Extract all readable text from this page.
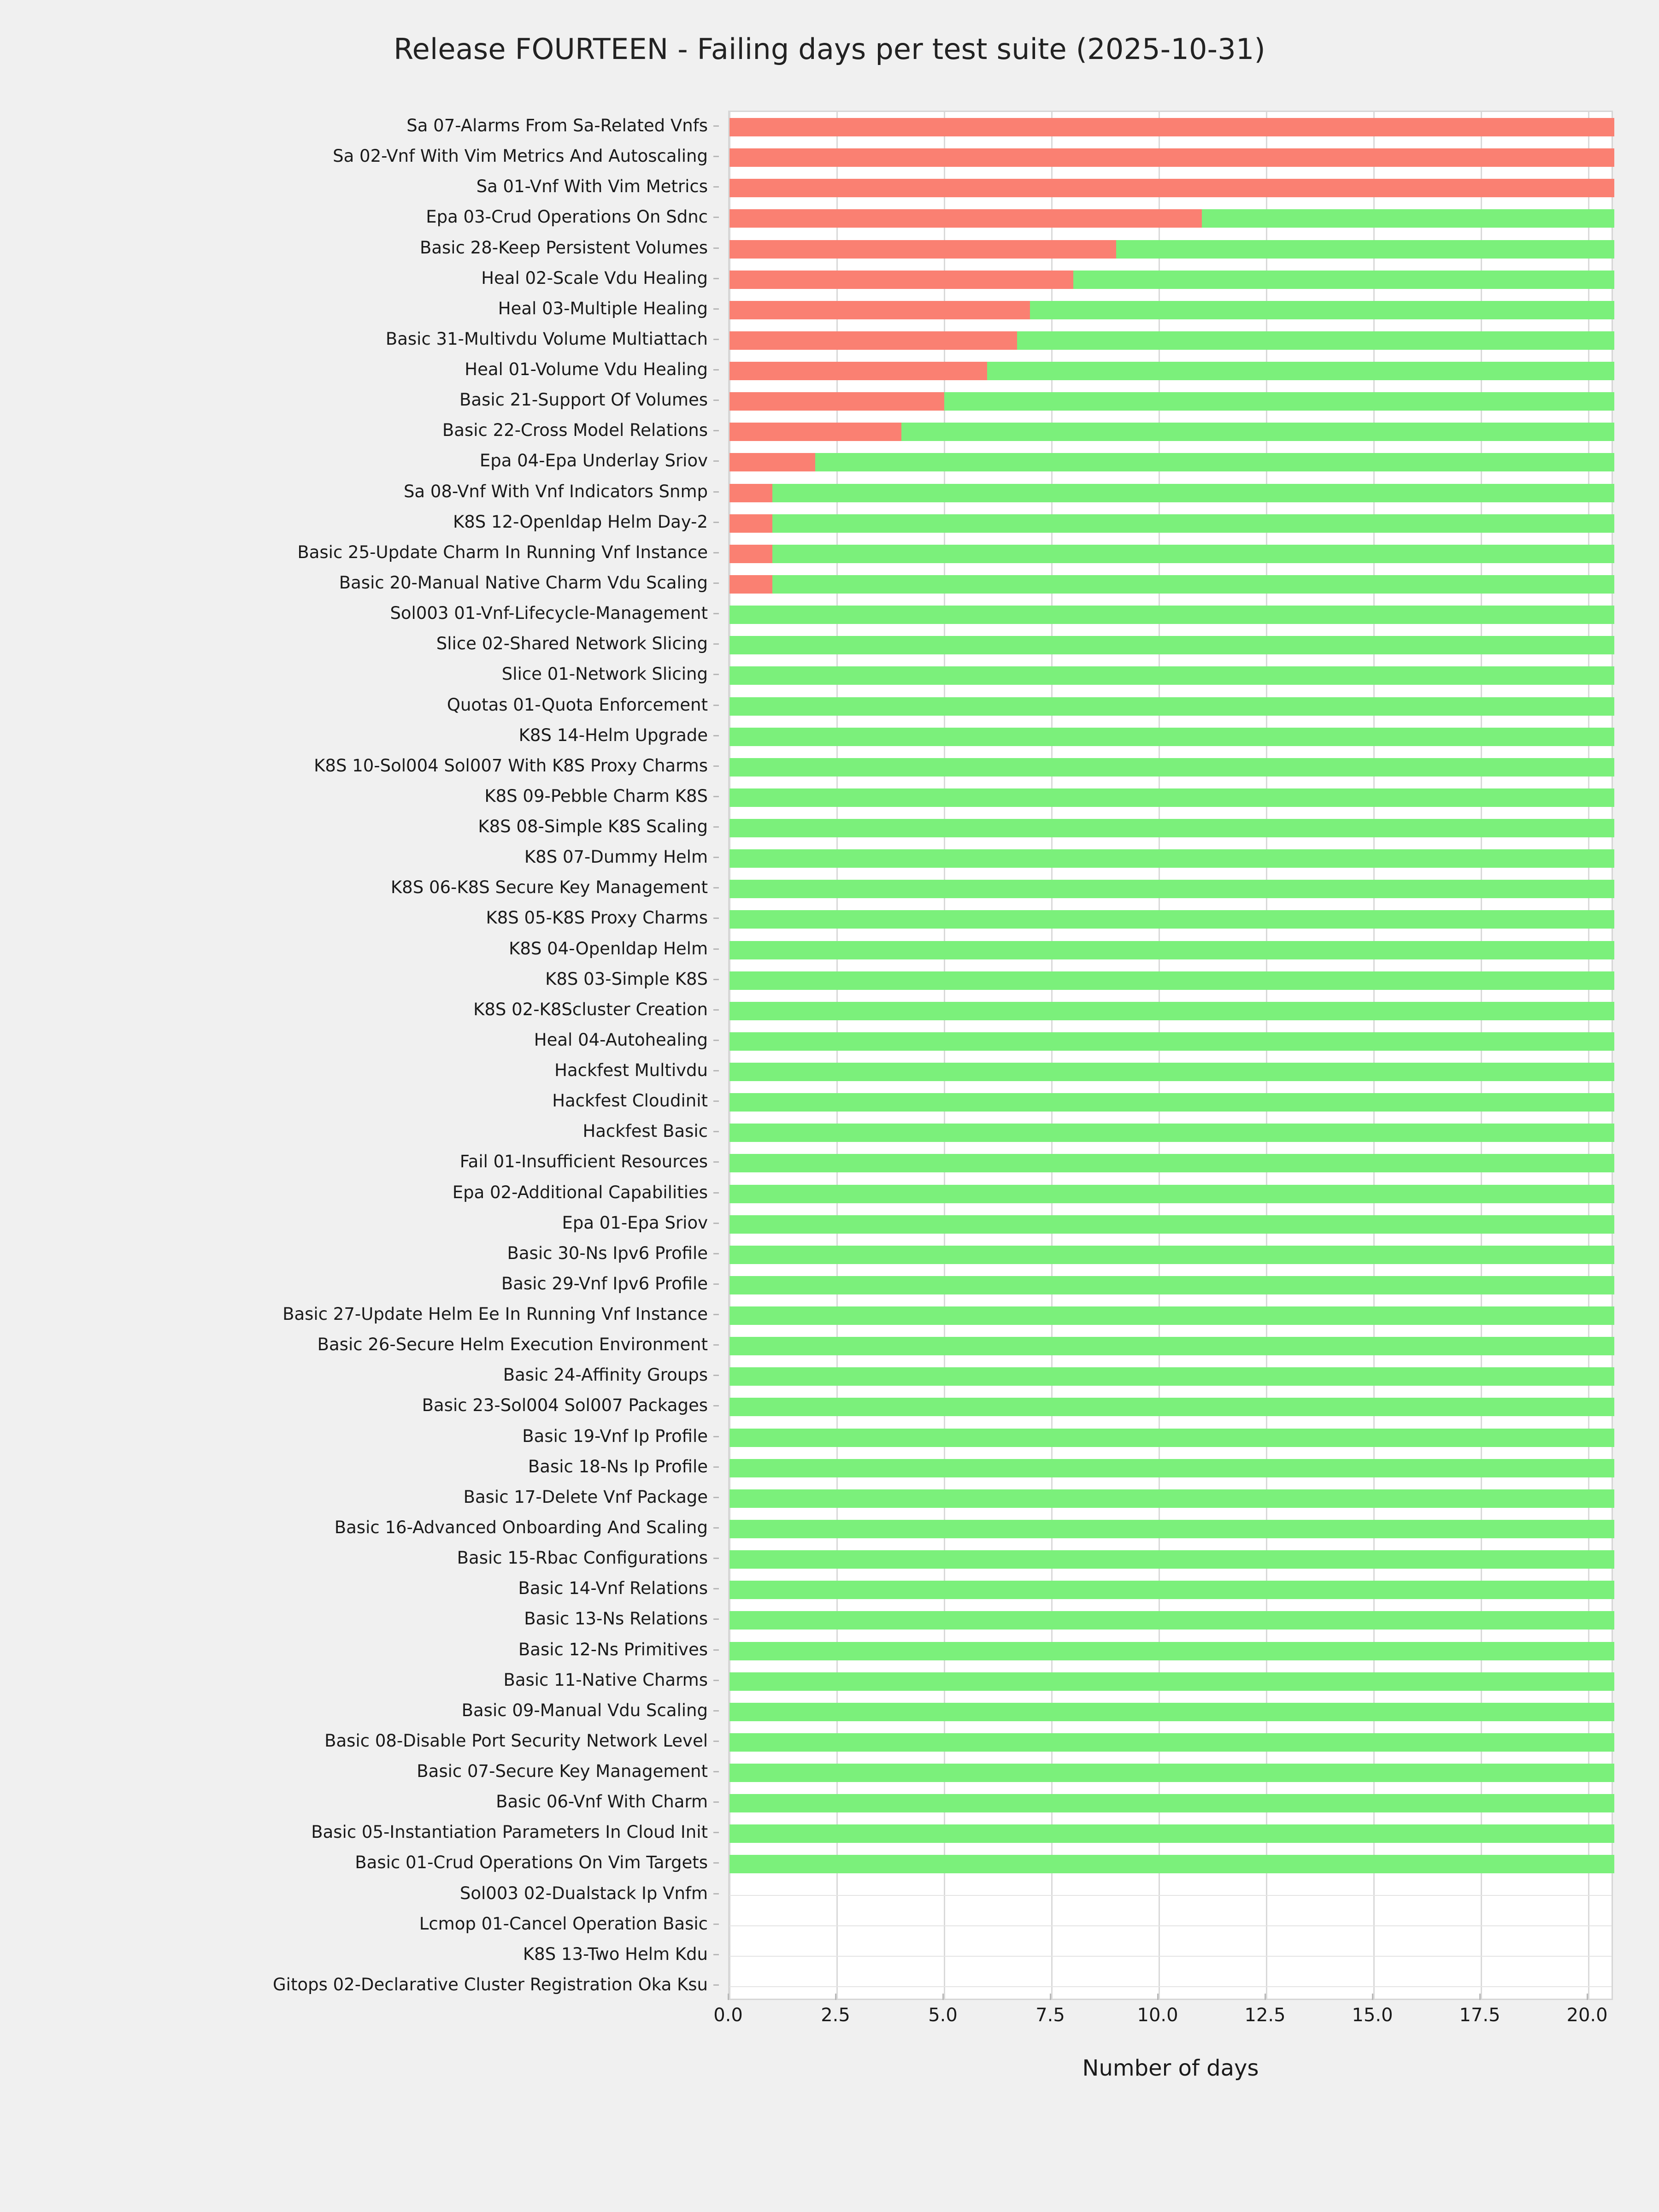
Release FOURTEEN - Failing days per test suite (2025-10-31)
Sa 07-Alarms From Sa-Related Vnfs
Sa 02-Vnf With Vim Metrics And Autoscaling
Sa 01-Vnf With Vim Metrics
Epa 03-Crud Operations On Sdnc
Basic 28-Keep Persistent Volumes
Heal 02-Scale Vdu Healing
Heal 03-Multiple Healing
Basic 31-Multivdu Volume Multiattach
Heal 01-Volume Vdu Healing
Basic 21-Support Of Volumes
Basic 22-Cross Model Relations
Epa 04-Epa Underlay Sriov
Sa 08-Vnf With Vnf Indicators Snmp
K8S 12-Openldap Helm Day-2
Basic 25-Update Charm In Running Vnf Instance
Basic 20-Manual Native Charm Vdu Scaling
Sol003 01-Vnf-Lifecycle-Management
Slice 02-Shared Network Slicing
Slice 01-Network Slicing
Quotas 01-Quota Enforcement
K8S 14-Helm Upgrade
K8S 10-Sol004 Sol007 With K8S Proxy Charms
K8S 09-Pebble Charm K8S
K8S 08-Simple K8S Scaling
K8S 07-Dummy Helm
K8S 06-K8S Secure Key Management
K8S 05-K8S Proxy Charms
K8S 04-Openldap Helm
K8S 03-Simple K8S
K8S 02-K8Scluster Creation
Heal 04-Autohealing
Hackfest Multivdu
Hackfest Cloudinit
Hackfest Basic
Fail 01-Insufficient Resources
Epa 02-Additional Capabilities
Epa 01-Epa Sriov
Basic 30-Ns Ipv6 Profile
Basic 29-Vnf Ipv6 Profile
Basic 27-Update Helm Ee In Running Vnf Instance
Basic 26-Secure Helm Execution Environment
Basic 24-Affinity Groups
Basic 23-Sol004 Sol007 Packages
Basic 19-Vnf Ip Profile
Basic 18-Ns Ip Profile
Basic 17-Delete Vnf Package
Basic 16-Advanced Onboarding And Scaling
Basic 15-Rbac Configurations
Basic 14-Vnf Relations
Basic 13-Ns Relations
Basic 12-Ns Primitives
Basic 11-Native Charms
Basic 09-Manual Vdu Scaling
Basic 08-Disable Port Security Network Level
Basic 07-Secure Key Management
Basic 06-Vnf With Charm
Basic 05-Instantiation Parameters In Cloud Init
Basic 01-Crud Operations On Vim Targets
Sol003 02-Dualstack Ip Vnfm
Lcmop 01-Cancel Operation Basic
K8S 13-Two Helm Kdu
Gitops 02-Declarative Cluster Registration Oka Ksu
0.0	2.5	5.0	7.5	10.0	12.5	15.0	17.5	20.0
Number of days
